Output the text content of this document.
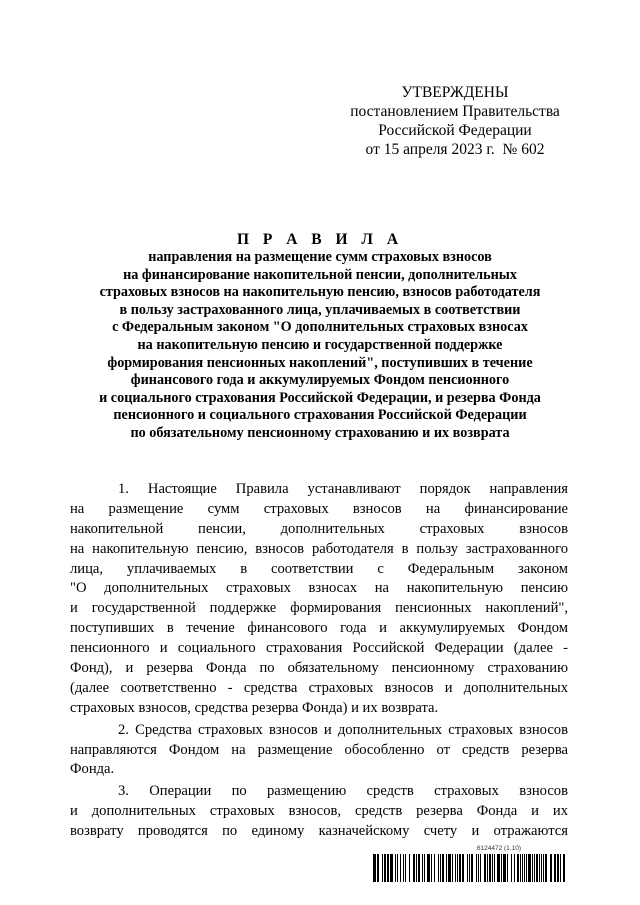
УТВЕРЖДЕНЫ
постановлением Правительства
Российской Федерации
от 15 апреля 2023 г.  № 602
П Р А В И Л А
направления на размещение сумм страховых взносов
на финансирование накопительной пенсии, дополнительных
страховых взносов на накопительную пенсию, взносов работодателя
в пользу застрахованного лица, уплачиваемых в соответствии
с Федеральным законом "О дополнительных страховых взносах
на накопительную пенсию и государственной поддержке
формирования пенсионных накоплений", поступивших в течение
финансового года и аккумулируемых Фондом пенсионного
и социального страхования Российской Федерации, и резерва Фонда
пенсионного и социального страхования Российской Федерации
по обязательному пенсионному страхованию и их возврата
1. Настоящие Правила устанавливают порядок направления
на размещение сумм страховых взносов на финансирование
накопительной пенсии, дополнительных страховых взносов
на накопительную пенсию, взносов работодателя в пользу застрахованного
лица, уплачиваемых в соответствии с Федеральным законом
"О дополнительных страховых взносах на накопительную пенсию
и государственной поддержке формирования пенсионных накоплений",
поступивших в течение финансового года и аккумулируемых Фондом
пенсионного и социального страхования Российской Федерации (далее -
Фонд), и резерва Фонда по обязательному пенсионному страхованию
(далее соответственно - средства страховых взносов и дополнительных
страховых взносов, средства резерва Фонда) и их возврата.
2. Средства страховых взносов и дополнительных страховых взносов
направляются Фондом на размещение обособленно от средств резерва
Фонда.
3. Операции по размещению средств страховых взносов
и дополнительных страховых взносов, средств резерва Фонда и их
возврату проводятся по единому казначейскому счету и отражаются
6124472 (1.10)
